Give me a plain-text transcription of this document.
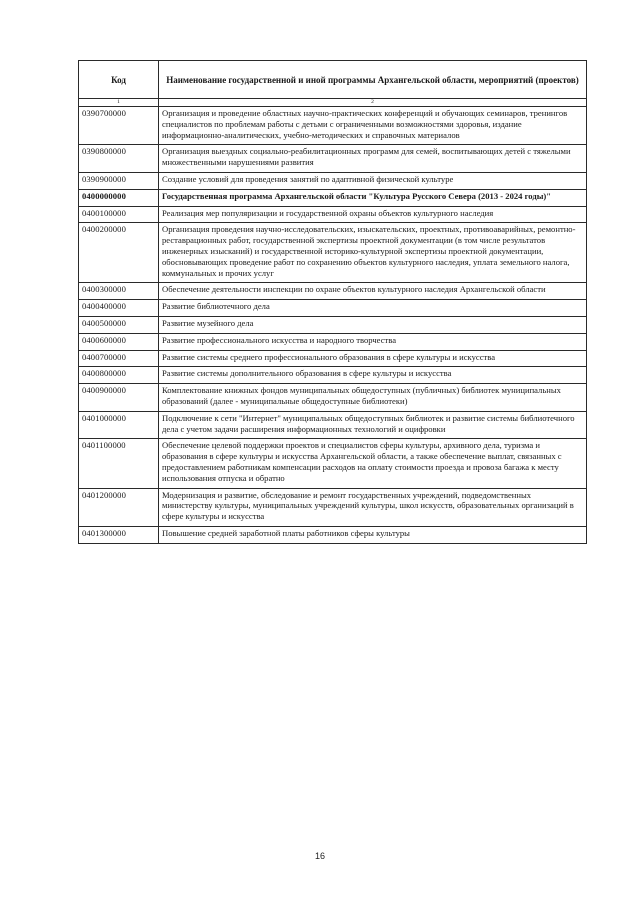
Код	Наименование государственной и иной программы Архангельской области, мероприятий (проектов)
1	2
0390700000	Организация и проведение областных научно-практических конференций и обучающих семинаров, тренингов специалистов по проблемам работы с детьми с ограниченными возможностями здоровья, издание информационно-аналитических, учебно-методических и справочных материалов
0390800000	Организация выездных социально-реабилитационных программ для семей, воспитывающих детей с тяжелыми множественными нарушениями развития
0390900000	Создание условий для проведения занятий по адаптивной физической культуре
0400000000	Государственная программа Архангельской области "Культура Русского Севера (2013 - 2024 годы)"
0400100000	Реализация мер популяризации и государственной охраны объектов культурного наследия
0400200000	Организация проведения научно-исследовательских, изыскательских, проектных, противоаварийных, ремонтно-реставрационных работ, государственной экспертизы проектной документации (в том числе результатов инженерных изысканий) и государственной историко-культурной экспертизы проектной документации, обосновывающих проведение работ по сохранению объектов культурного наследия, уплата земельного налога, коммунальных и прочих услуг
0400300000	Обеспечение деятельности инспекции по охране объектов культурного наследия Архангельской области
0400400000	Развитие библиотечного дела
0400500000	Развитие музейного дела
0400600000	Развитие профессионального искусства и народного творчества
0400700000	Развитие системы среднего профессионального образования в сфере культуры и искусства
0400800000	Развитие системы дополнительного образования в сфере культуры и искусства
0400900000	Комплектование книжных фондов муниципальных общедоступных (публичных) библиотек муниципальных образований (далее - муниципальные общедоступные библиотеки)
0401000000	Подключение к сети "Интернет" муниципальных общедоступных библиотек и развитие системы библиотечного дела с учетом задачи расширения информационных технологий и оцифровки
0401100000	Обеспечение целевой поддержки проектов и специалистов сферы культуры, архивного дела, туризма и образования в сфере культуры и искусства Архангельской области, а также обеспечение выплат, связанных с предоставлением работникам компенсации расходов на оплату стоимости проезда и провоза багажа к месту использования отпуска и обратно
0401200000	Модернизация и развитие, обследование и ремонт государственных учреждений, подведомственных министерству культуры, муниципальных учреждений культуры, школ искусств, образовательных организаций в сфере культуры и искусства
0401300000	Повышение средней заработной платы работников сферы культуры
16
